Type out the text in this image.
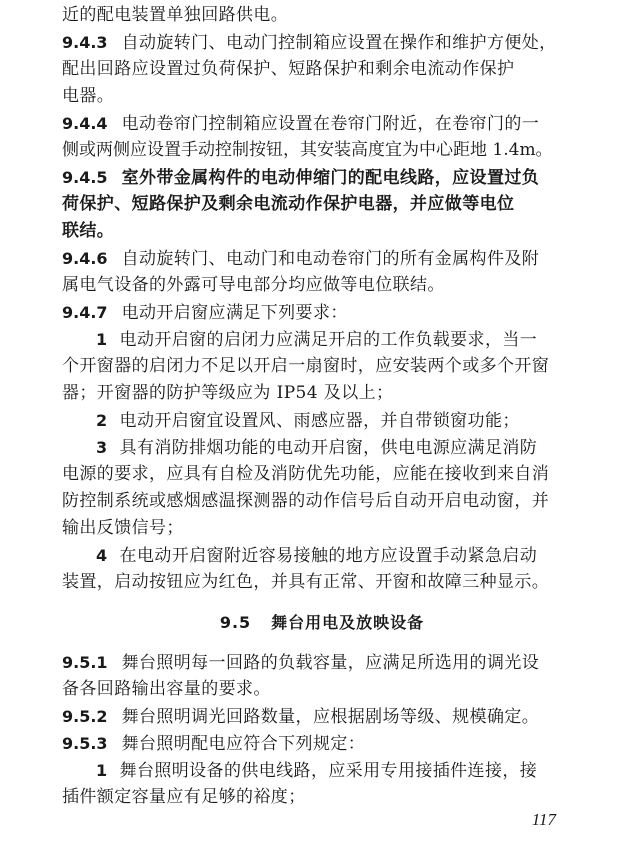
近的配电装置单独回路供电。
9.4.3 自动旋转门、电动门控制箱应设置在操作和维护方便处，
配出回路应设置过负荷保护、短路保护和剩余电流动作保护
电器。
9.4.4 电动卷帘门控制箱应设置在卷帘门附近，在卷帘门的一
侧或两侧应设置手动控制按钮，其安装高度宜为中心距地 1.4m。
9.4.5 室外带金属构件的电动伸缩门的配电线路，应设置过负
荷保护、短路保护及剩余电流动作保护电器，并应做等电位
联结。
9.4.6 自动旋转门、电动门和电动卷帘门的所有金属构件及附
属电气设备的外露可导电部分均应做等电位联结。
9.4.7 电动开启窗应满足下列要求：
1 电动开启窗的启闭力应满足开启的工作负载要求，当一
个开窗器的启闭力不足以开启一扇窗时，应安装两个或多个开窗
器；开窗器的防护等级应为 IP54 及以上；
2 电动开启窗宜设置风、雨感应器，并自带锁窗功能；
3 具有消防排烟功能的电动开启窗，供电电源应满足消防
电源的要求，应具有自检及消防优先功能，应能在接收到来自消
防控制系统或感烟感温探测器的动作信号后自动开启电动窗，并
输出反馈信号；
4 在电动开启窗附近容易接触的地方应设置手动紧急启动
装置，启动按钮应为红色，并具有正常、开窗和故障三种显示。
9.5 舞台用电及放映设备
9.5.1 舞台照明每一回路的负载容量，应满足所选用的调光设
备各回路输出容量的要求。
9.5.2 舞台照明调光回路数量，应根据剧场等级、规模确定。
9.5.3 舞台照明配电应符合下列规定：
1 舞台照明设备的供电线路，应采用专用接插件连接，接
插件额定容量应有足够的裕度；
117
